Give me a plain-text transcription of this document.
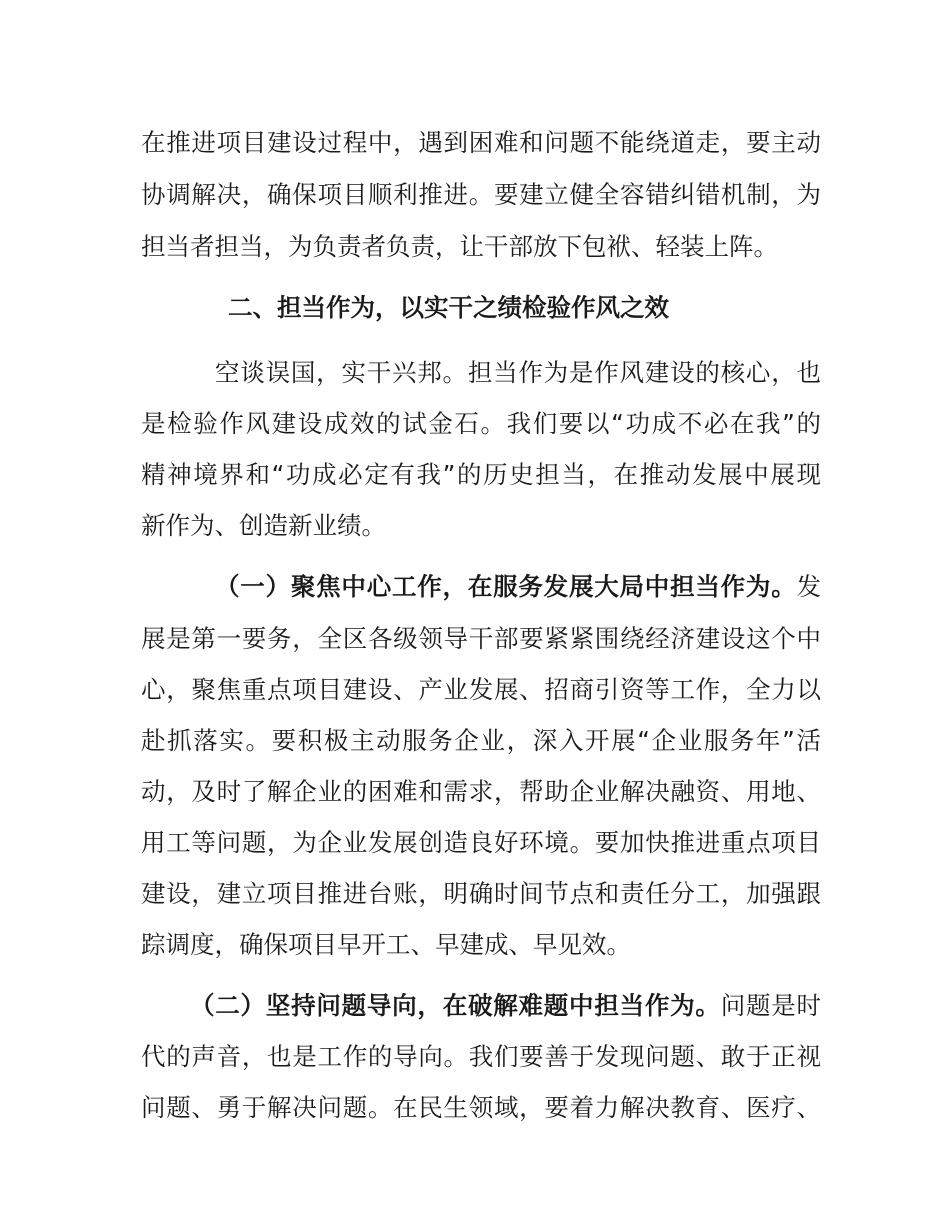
在推进项目建设过程中，遇到困难和问题不能绕道走，要主动
协调解决，确保项目顺利推进。要建立健全容错纠错机制，为
担当者担当，为负责者负责，让干部放下包袱、轻装上阵。
二、担当作为，以实干之绩检验作风之效
空谈误国，实干兴邦。担当作为是作风建设的核心，也
是检验作风建设成效的试金石。我们要以“功成不必在我”的
精神境界和“功成必定有我”的历史担当，在推动发展中展现
新作为、创造新业绩。
（一）聚焦中心工作，在服务发展大局中担当作为。发
展是第一要务，全区各级领导干部要紧紧围绕经济建设这个中
心，聚焦重点项目建设、产业发展、招商引资等工作，全力以
赴抓落实。要积极主动服务企业，深入开展“企业服务年”活
动，及时了解企业的困难和需求，帮助企业解决融资、用地、
用工等问题，为企业发展创造良好环境。要加快推进重点项目
建设，建立项目推进台账，明确时间节点和责任分工，加强跟
踪调度，确保项目早开工、早建成、早见效。
（二）坚持问题导向，在破解难题中担当作为。问题是时
代的声音，也是工作的导向。我们要善于发现问题、敢于正视
问题、勇于解决问题。在民生领域，要着力解决教育、医疗、
